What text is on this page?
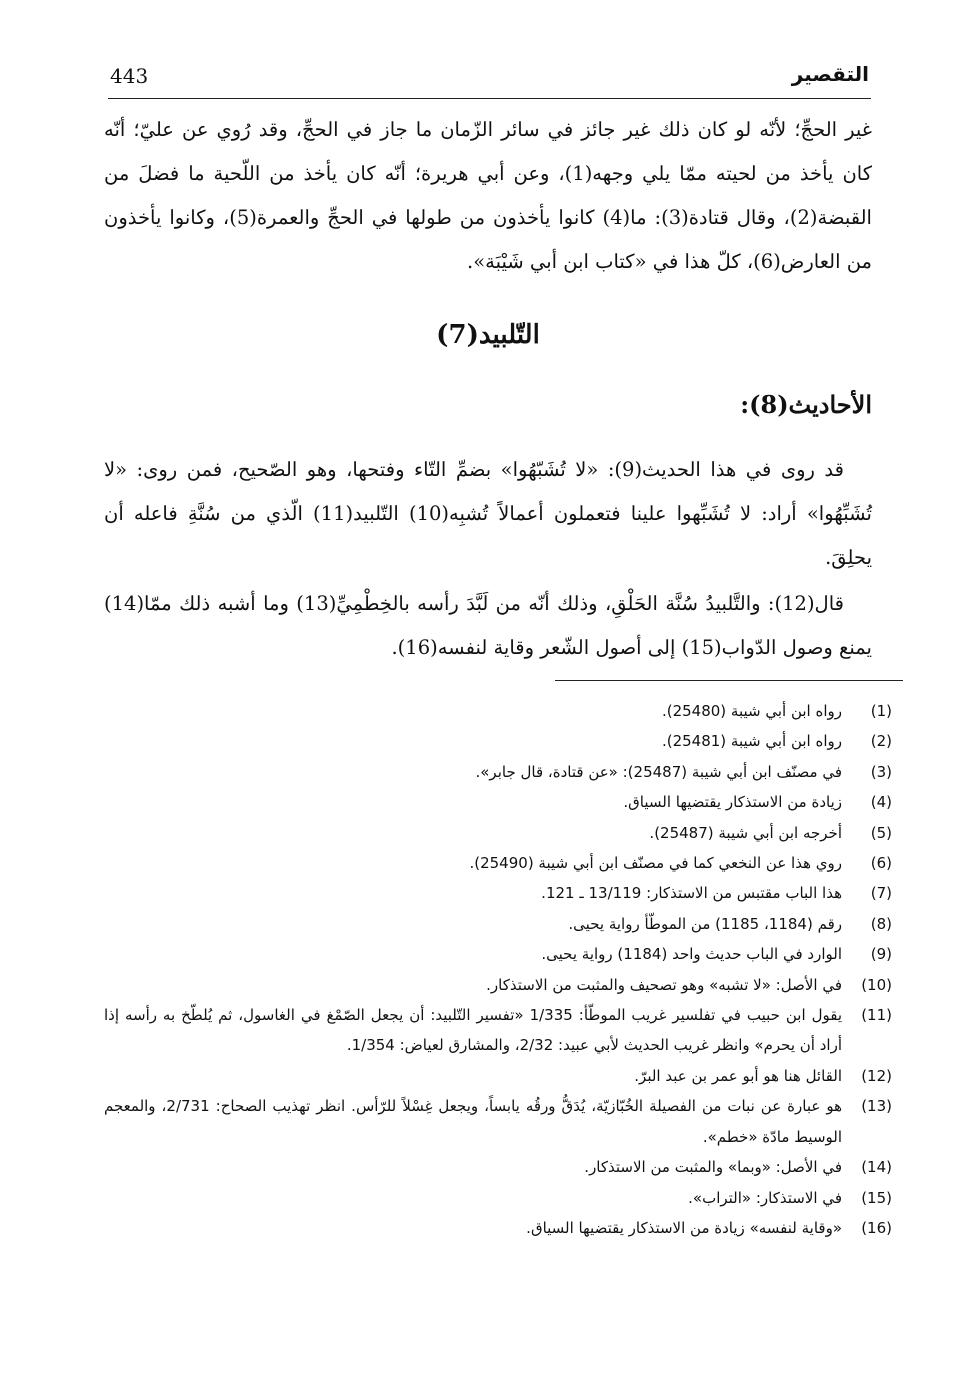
443	التقصير
غير الحجِّ؛ لأنّه لو كان ذلك غير جائز في سائر الزّمان ما جاز في الحجِّ، وقد رُوي عن عليّ؛ أنّه كان يأخذ من لحيته ممّا يلي وجهه(1)، وعن أبي هريرة؛ أنّه كان يأخذ من اللّحية ما فضلَ من القبضة(2)، وقال قتادة(3): ما(4) كانوا يأخذون من طولها في الحجِّ والعمرة(5)، وكانوا يأخذون من العارض(6)، كلّ هذا في «كتاب ابن أبي شَيْبَة».
التّلبيد(7)
الأحاديث(8):
قد روى في هذا الحديث(9): «لا تُشَبّهُوا» بضمِّ التّاء وفتحها، وهو الصّحيح، فمن روى: «لا تُشَبِّهُوا» أراد: لا تُشَبِّهوا علينا فتعملون أعمالاً تُشبِه(10) التّلبيد(11) الّذي من سُنَّةِ فاعله أن يحلِقَ.
قال(12): والتَّلبيدُ سُنَّة الحَلْقِ، وذلك أنّه من لَبَّدَ رأسه بالخِطْمِيِّ(13) وما أشبه ذلك ممّا(14) يمنع وصول الدّواب(15) إلى أصول الشّعر وقاية لنفسه(16).
(1)
رواه ابن أبي شيبة (25480).
(2)
رواه ابن أبي شيبة (25481).
(3)
في مصنّف ابن أبي شيبة (25487): «عن قتادة، قال جابر».
(4)
زيادة من الاستذكار يقتضيها السياق.
(5)
أخرجه ابن أبي شيبة (25487).
(6)
روي هذا عن النخعي كما في مصنّف ابن أبي شيبة (25490).
(7)
هذا الباب مقتبس من الاستذكار: 13/119 ـ 121.
(8)
رقم (1184، 1185) من الموطّأ رواية يحيى.
(9)
الوارد في الباب حديث واحد (1184) رواية يحيى.
(10)
في الأصل: «لا تشبه» وهو تصحيف والمثبت من الاستذكار.
(11)
يقول ابن حبيب في تفلسير غريب الموطّأ: 1/335 «تفسير التّلبيد: أن يجعل الصّمْغ في الغاسول، ثم يُلطّخ به رأسه إذا أراد أن يحرم» وانظر غريب الحديث لأبي عبيد: 2/32، والمشارق لعياض: 1/354.
(12)
القائل هنا هو أبو عمر بن عبد البرّ.
(13)
هو عبارة عن نبات من الفصيلة الخُبّازيّة، يُدَقُّ ورقُه يابساً، ويجعل غِسْلاً للرّأس. انظر تهذيب الصحاح: 2/731، والمعجم الوسيط مادّة «خطم».
(14)
في الأصل: «وبما» والمثبت من الاستذكار.
(15)
في الاستذكار: «التراب».
(16)
«وقاية لنفسه» زيادة من الاستذكار يقتضيها السياق.
